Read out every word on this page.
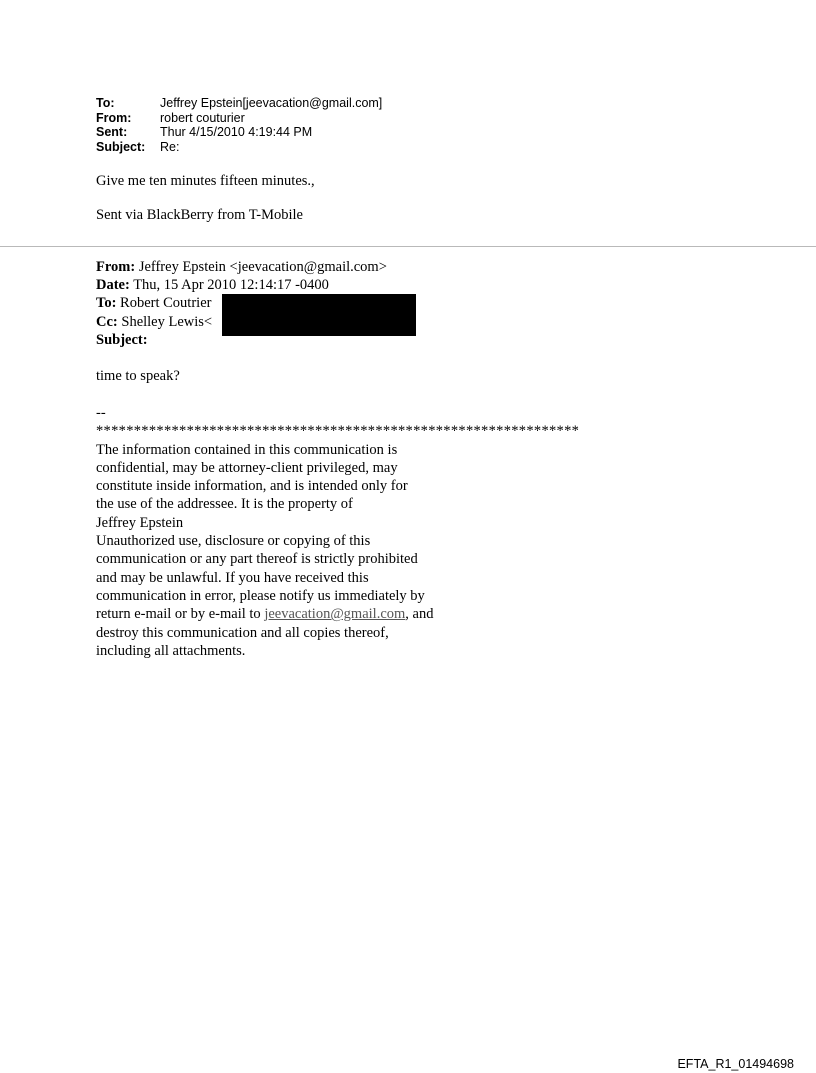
To:	Jeffrey Epstein[jeevacation@gmail.com]
From:	robert couturier
Sent:	Thur 4/15/2010 4:19:44 PM
Subject:	Re:
Give me ten minutes fifteen minutes.,
Sent via BlackBerry from T-Mobile
From: Jeffrey Epstein <jeevacation@gmail.com>
Date: Thu, 15 Apr 2010 12:14:17 -0400
To: Robert Coutrier
Cc: Shelley Lewis<
Subject:
time to speak?
--
****************************************************************
The information contained in this communication is
confidential, may be attorney-client privileged, may
constitute inside information, and is intended only for
the use of the addressee. It is the property of
Jeffrey Epstein
Unauthorized use, disclosure or copying of this
communication or any part thereof is strictly prohibited
and may be unlawful. If you have received this
communication in error, please notify us immediately by
return e-mail or by e-mail to jeevacation@gmail.com, and
destroy this communication and all copies thereof,
including all attachments.
EFTA_R1_01494698
